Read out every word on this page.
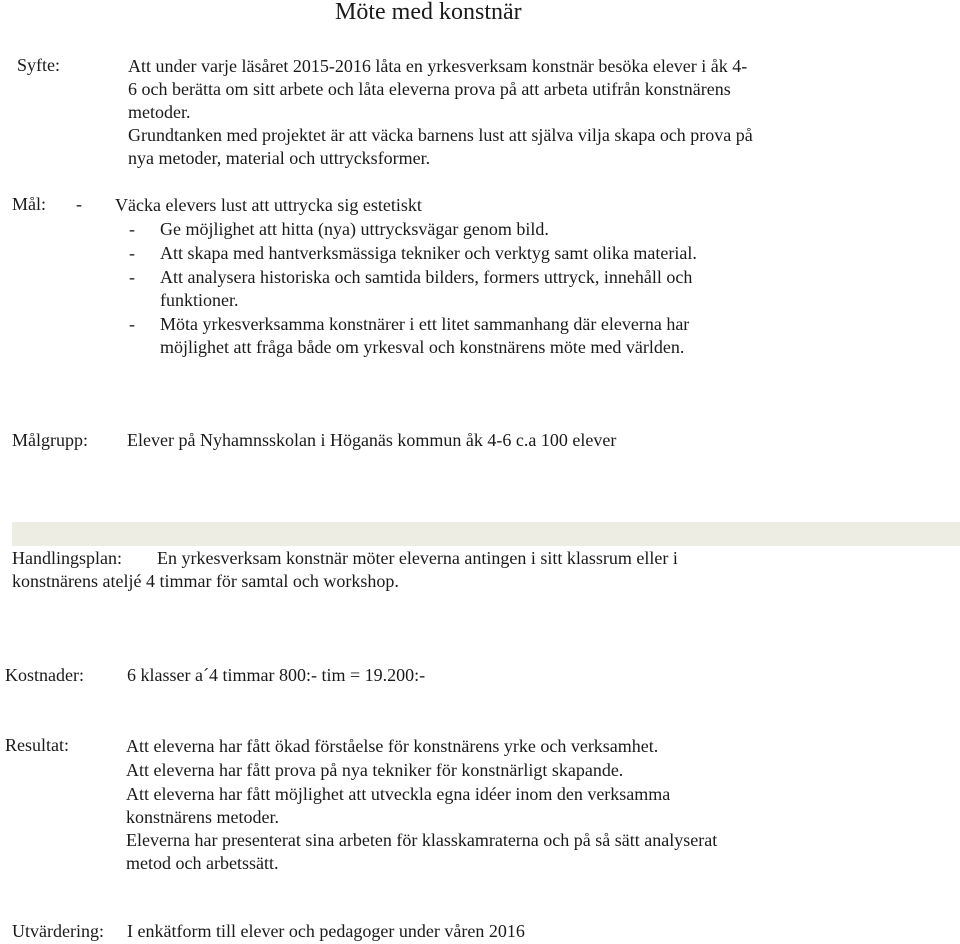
Möte med konstnär
Syfte:	Att under varje läsåret 2015-2016 låta en yrkesverksam konstnär besöka elever i åk 4-
6 och berätta om sitt arbete och låta eleverna prova på att arbeta utifrån konstnärens
metoder.
Grundtanken med projektet är att väcka barnens lust att själva vilja skapa och prova på
nya metoder, material och uttrycksformer.
Mål: - Väcka elevers lust att uttrycka sig estetiskt
- Ge möjlighet att hitta (nya) uttrycksvägar genom bild.
- Att skapa med hantverksmässiga tekniker och verktyg samt olika material.
- Att analysera historiska och samtida bilders, formers uttryck, innehåll och
funktioner.
- Möta yrkesverksamma konstnärer i ett litet sammanhang där eleverna har
möjlighet att fråga både om yrkesval och konstnärens möte med världen.
Målgrupp: Elever på Nyhamnsskolan i Höganäs kommun åk 4-6 c.a 100 elever
Handlingsplan: En yrkesverksam konstnär möter eleverna antingen i sitt klassrum eller i
konstnärens ateljé 4 timmar för samtal och workshop.
Kostnader: 6 klasser a´4 timmar 800:- tim = 19.200:-
Resultat:	Att eleverna har fått ökad förståelse för konstnärens yrke och verksamhet.
Att eleverna har fått prova på nya tekniker för konstnärligt skapande.
Att eleverna har fått möjlighet att utveckla egna idéer inom den verksamma
konstnärens metoder.
Eleverna har presenterat sina arbeten för klasskamraterna och på så sätt analyserat
metod och arbetssätt.
Utvärdering: I enkätform till elever och pedagoger under våren 2016
